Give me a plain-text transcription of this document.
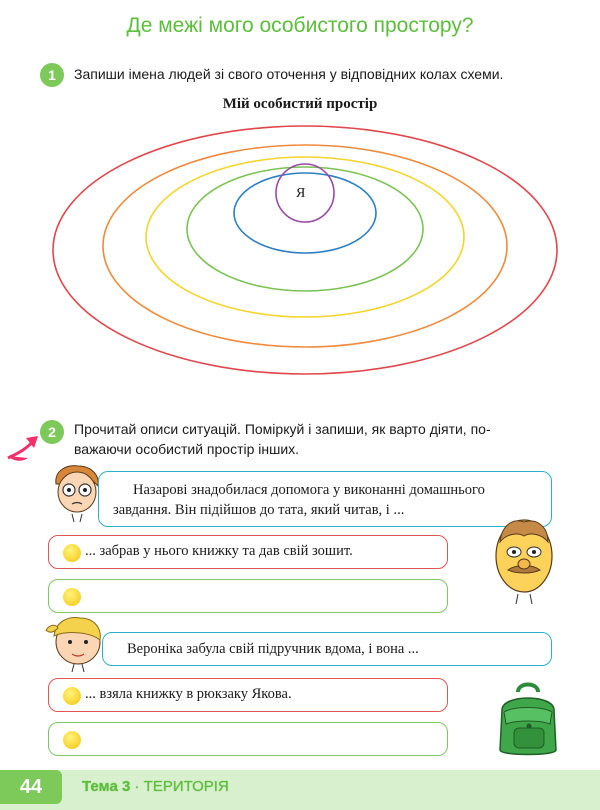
Де межі мого особистого простору?
1	Запиши імена людей зі свого оточення у відповідних колах схеми.
Мій особистий простір
Я
2	Прочитай описи ситуацій. Поміркуй і запиши, як варто діяти, по-
важаючи особистий простір інших.
Назарові знадобилася допомога у виконанні домашнього
завдання. Він підійшов до тата, який читав, і ...
... забрав у нього книжку та дав свій зошит.
Вероніка забула свій підручник вдома, і вона ...
... взяла книжку в рюкзаку Якова.
44	Тема 3 · ТЕРИТОРІЯ
